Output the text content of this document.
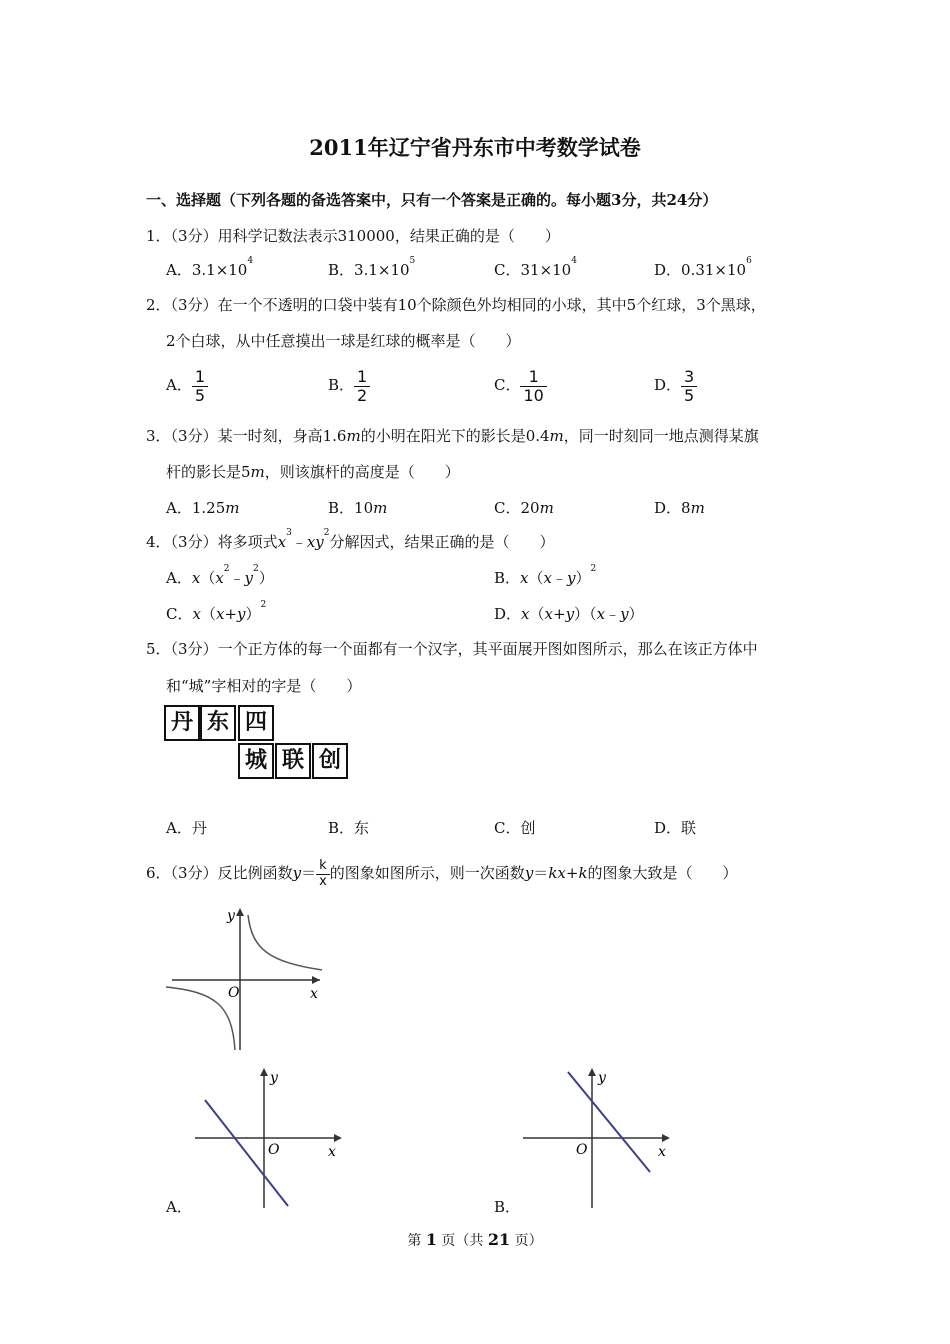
2011年辽宁省丹东市中考数学试卷
一、选择题（下列各题的备选答案中，只有一个答案是正确的。每小题3分，共24分）
1．（3分）用科学记数法表示310000，结果正确的是（　　）
A．$3.1\times 10^4$	B．$3.1\times 10^5$	C．$31\times 10^4$	D．$0.31\times 10^6$
2．（3分）在一个不透明的口袋中装有10个除颜色外均相同的小球，其中5个红球，3个黑球，
2个白球，从中任意摸出一球是红球的概率是（　　）
A． $\frac{1}{5}$	B． $\frac{1}{2}$	C． $\frac{1}{10}$	D． $\frac{3}{5}$
3．（3分）某一时刻，身高1.6m的小明在阳光下的影长是0.4m，同一时刻同一地点测得某旗
杆的影长是5m，则该旗杆的高度是（　　）
A．1.25m	B．10m	C．20m	D．8m
4．（3分）将多项式$x^3﹣xy^2$分解因式，结果正确的是（　　）
A．$x(x^2﹣y^2)$	B．x（x﹣y）$^2$
C．$x(x+y)^2$	D．x（x+y）（x﹣y）
5．（3分）一个正方体的每一个面都有一个汉字，其平面展开图如图所示，那么在该正方体中
和“城”字相对的字是（　　）
丹 东 四
城 联 创
A．丹	B．东	C．创	D．联
6．（3分）反比例函数$y= \frac{k}{x}$ 的图象如图所示，则一次函数y＝kx+k的图象大致是（　　）
y
x
O
y
x
O
A．
y
x
O
B．
第 1 页（共 21 页）
